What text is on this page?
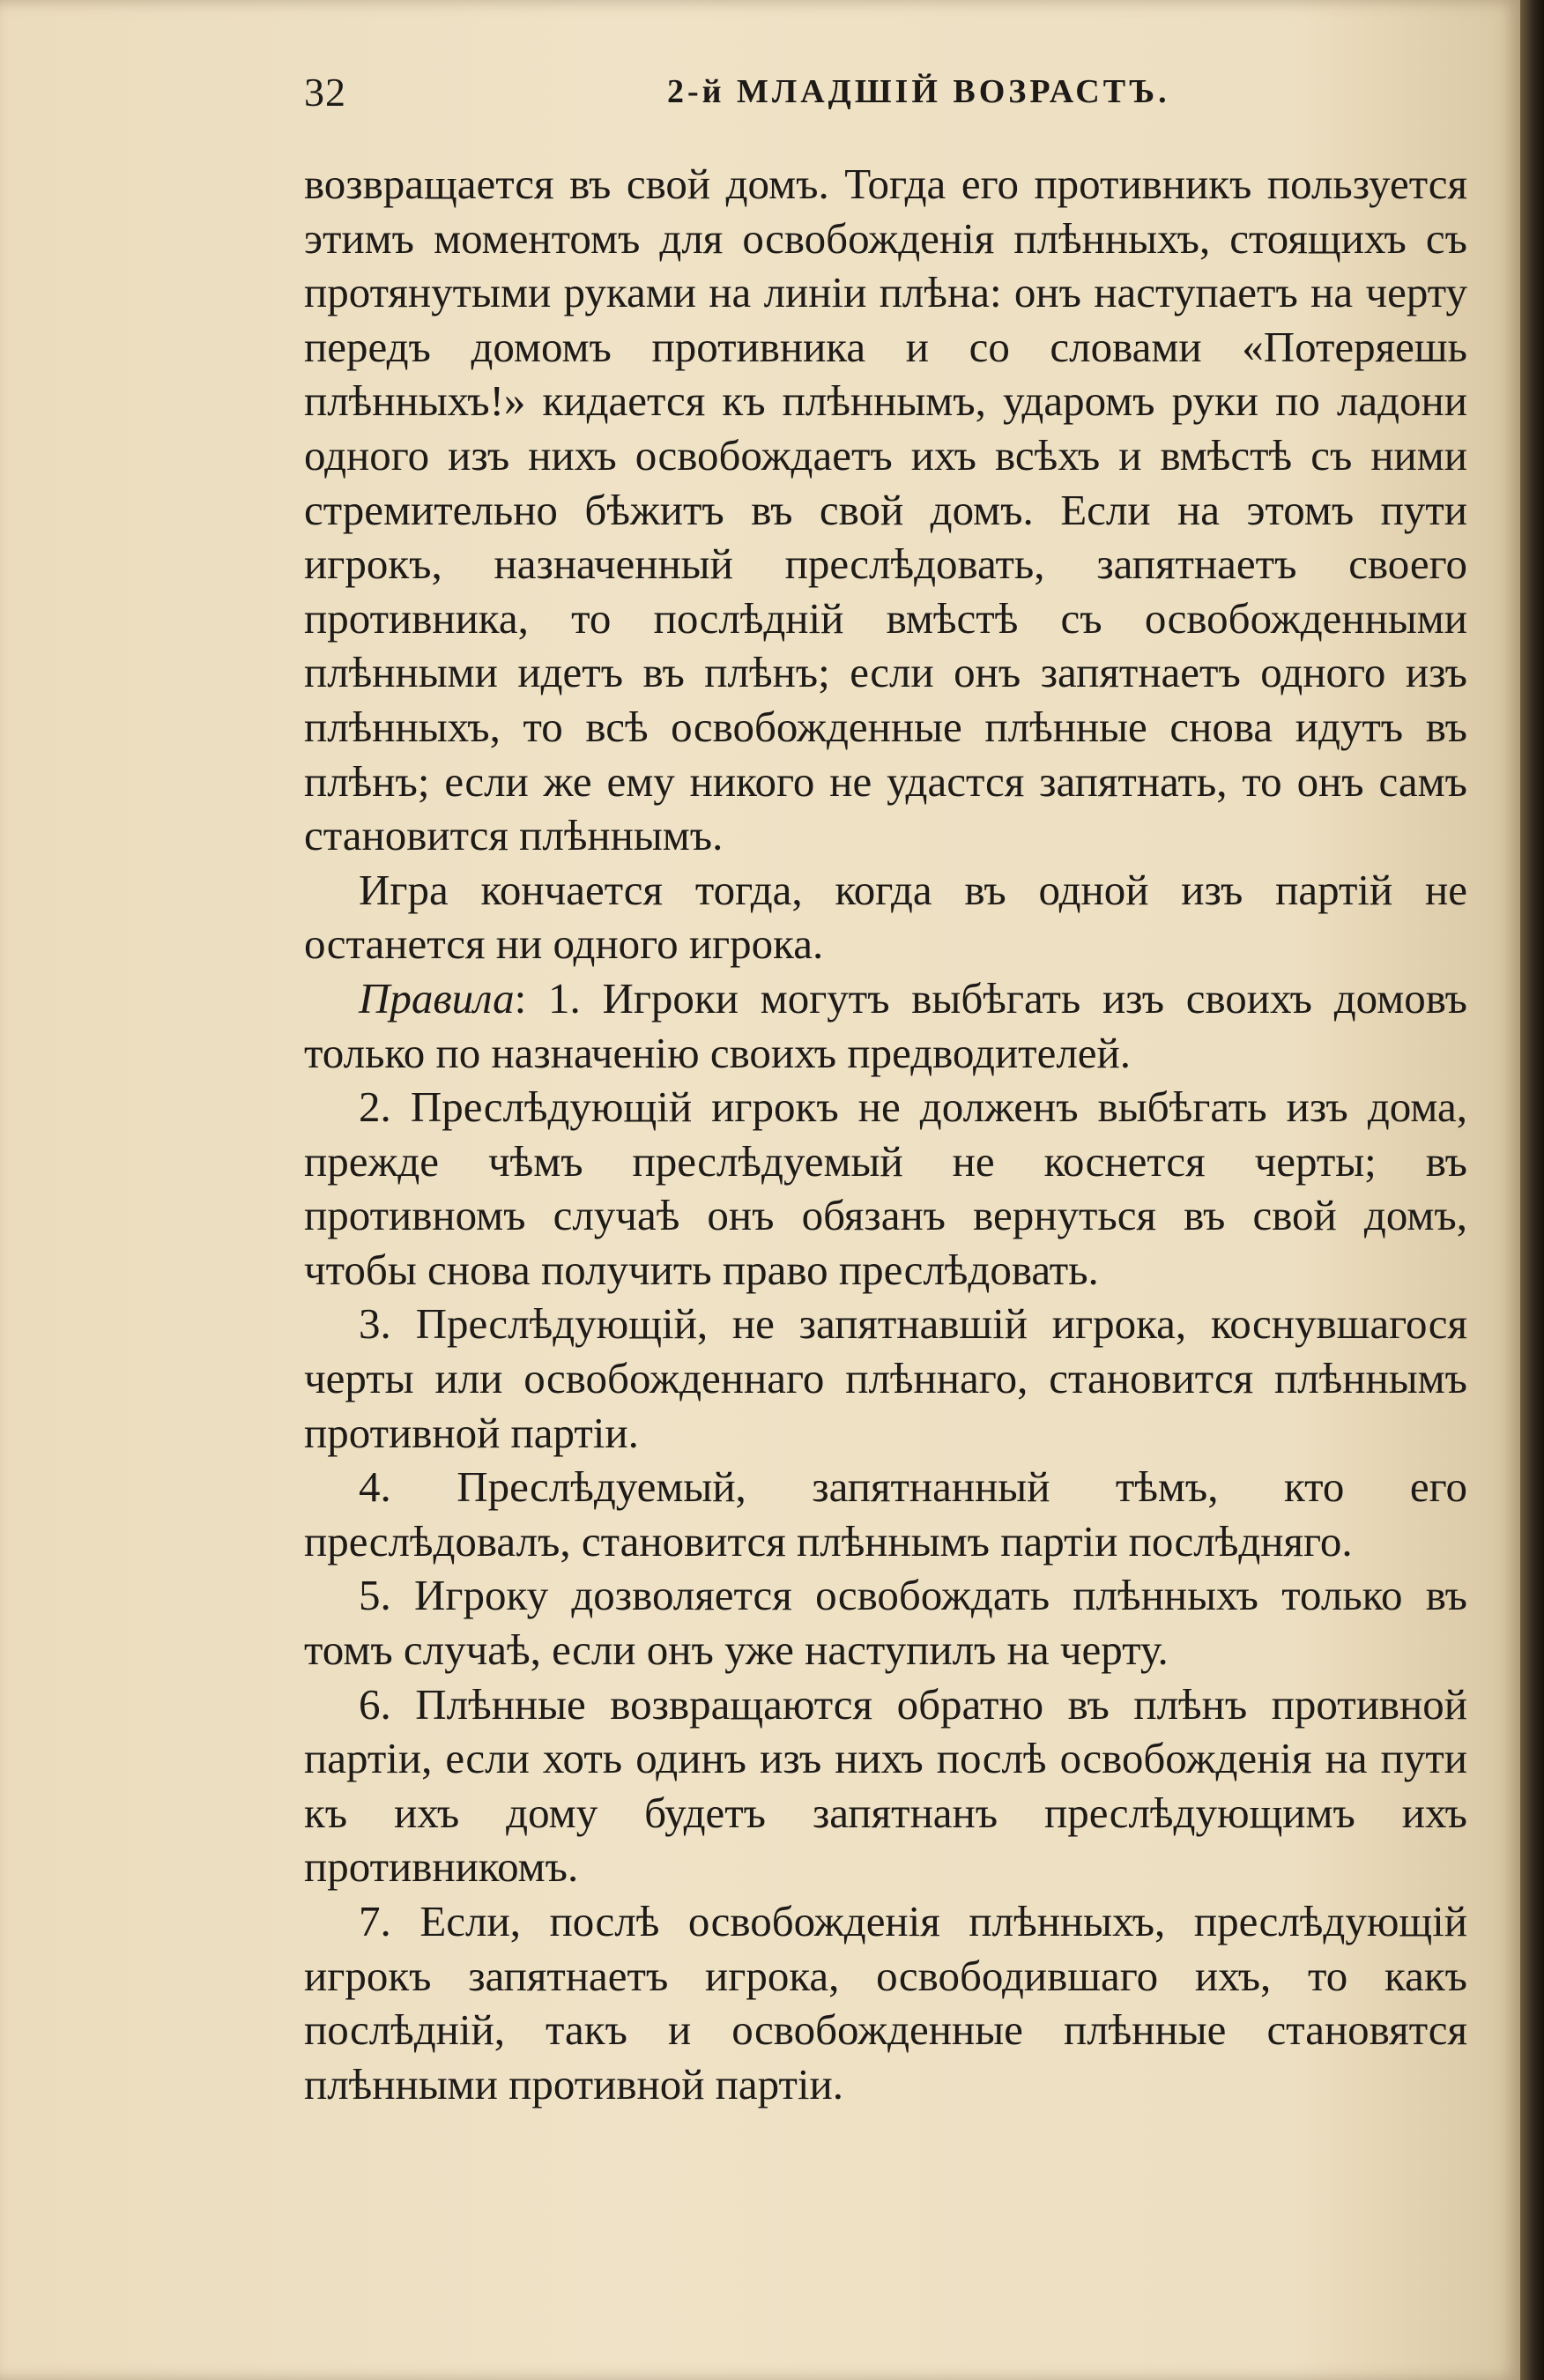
32	2-й МЛАДШІЙ ВОЗРАСТЪ.

возвращается въ свой домъ. Тогда его противникъ пользуется этимъ моментомъ для освобожденія плѣнныхъ, стоящихъ съ протянутыми руками на линіи плѣна: онъ наступаетъ на черту передъ домомъ противника и со словами «Потеряешь плѣнныхъ!» кидается къ плѣннымъ, ударомъ руки по ладони одного изъ нихъ освобождаетъ ихъ всѣхъ и вмѣстѣ съ ними стремительно бѣжитъ въ свой домъ. Если на этомъ пути игрокъ, назначенный преслѣдовать, запятнаетъ своего противника, то послѣдній вмѣстѣ съ освобожденными плѣнными идетъ въ плѣнъ; если онъ запятнаетъ одного изъ плѣнныхъ, то всѣ освобожденные плѣнные снова идутъ въ плѣнъ; если же ему никого не удастся запятнать, то онъ самъ становится плѣннымъ.

Игра кончается тогда, когда въ одной изъ партій не останется ни одного игрока.

Правила: 1. Игроки могутъ выбѣгать изъ своихъ домовъ только по назначенію своихъ предводителей.

2. Преслѣдующій игрокъ не долженъ выбѣгать изъ дома, прежде чѣмъ преслѣдуемый не коснется черты; въ противномъ случаѣ онъ обязанъ вернуться въ свой домъ, чтобы снова получить право преслѣдовать.

3. Преслѣдующій, не запятнавшій игрока, коснувшагося черты или освобожденнаго плѣннаго, становится плѣннымъ противной партіи.

4. Преслѣдуемый, запятнанный тѣмъ, кто его преслѣдовалъ, становится плѣннымъ партіи послѣдняго.

5. Игроку дозволяется освобождать плѣнныхъ только въ томъ случаѣ, если онъ уже наступилъ на черту.

6. Плѣнные возвращаются обратно въ плѣнъ противной партіи, если хоть одинъ изъ нихъ послѣ освобожденія на пути къ ихъ дому будетъ запятнанъ преслѣдующимъ ихъ противникомъ.

7. Если, послѣ освобожденія плѣнныхъ, преслѣдующій игрокъ запятнаетъ игрока, освободившаго ихъ, то какъ послѣдній, такъ и освобожденные плѣнные становятся плѣнными противной партіи.
